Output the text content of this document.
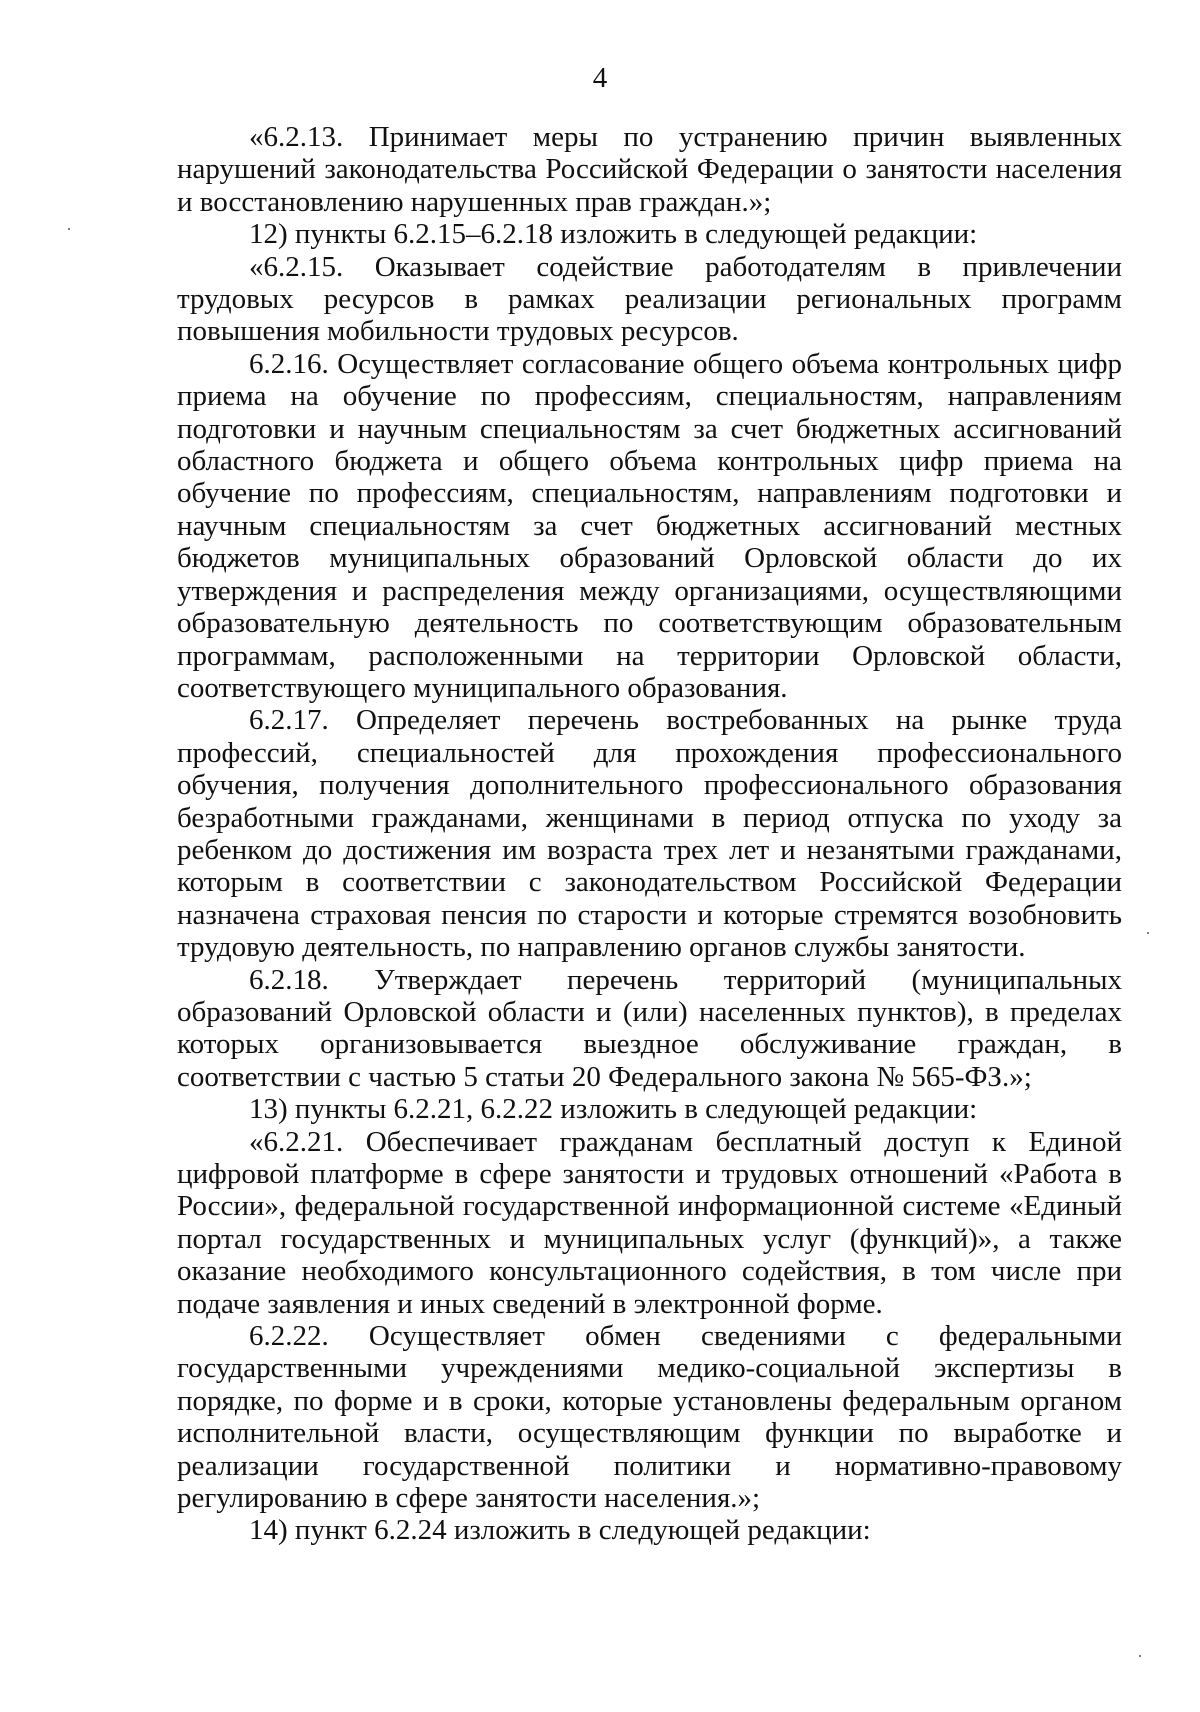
4

«6.2.13. Принимает меры по устранению причин выявленных нарушений законодательства Российской Федерации о занятости населения и восстановлению нарушенных прав граждан.»;

12) пункты 6.2.15–6.2.18 изложить в следующей редакции:

«6.2.15. Оказывает содействие работодателям в привлечении трудовых ресурсов в рамках реализации региональных программ повышения мобильности трудовых ресурсов.

6.2.16. Осуществляет согласование общего объема контрольных цифр приема на обучение по профессиям, специальностям, направлениям подготовки и научным специальностям за счет бюджетных ассигнований областного бюджета и общего объема контрольных цифр приема на обучение по профессиям, специальностям, направлениям подготовки и научным специальностям за счет бюджетных ассигнований местных бюджетов муниципальных образований Орловской области до их утверждения и распределения между организациями, осуществляющими образовательную деятельность по соответствующим образовательным программам, расположенными на территории Орловской области, соответствующего муниципального образования.

6.2.17. Определяет перечень востребованных на рынке труда профессий, специальностей для прохождения профессионального обучения, получения дополнительного профессионального образования безработными гражданами, женщинами в период отпуска по уходу за ребенком до достижения им возраста трех лет и незанятыми гражданами, которым в соответствии с законодательством Российской Федерации назначена страховая пенсия по старости и которые стремятся возобновить трудовую деятельность, по направлению органов службы занятости.

6.2.18. Утверждает перечень территорий (муниципальных образований Орловской области и (или) населенных пунктов), в пределах которых организовывается выездное обслуживание граждан, в соответствии с частью 5 статьи 20 Федерального закона № 565-ФЗ.»;

13) пункты 6.2.21, 6.2.22 изложить в следующей редакции:

«6.2.21. Обеспечивает гражданам бесплатный доступ к Единой цифровой платформе в сфере занятости и трудовых отношений «Работа в России», федеральной государственной информационной системе «Единый портал государственных и муниципальных услуг (функций)», а также оказание необходимого консультационного содействия, в том числе при подаче заявления и иных сведений в электронной форме.

6.2.22. Осуществляет обмен сведениями с федеральными государственными учреждениями медико-социальной экспертизы в порядке, по форме и в сроки, которые установлены федеральным органом исполнительной власти, осуществляющим функции по выработке и реализации государственной политики и нормативно-правовому регулированию в сфере занятости населения.»;

14) пункт 6.2.24 изложить в следующей редакции:
